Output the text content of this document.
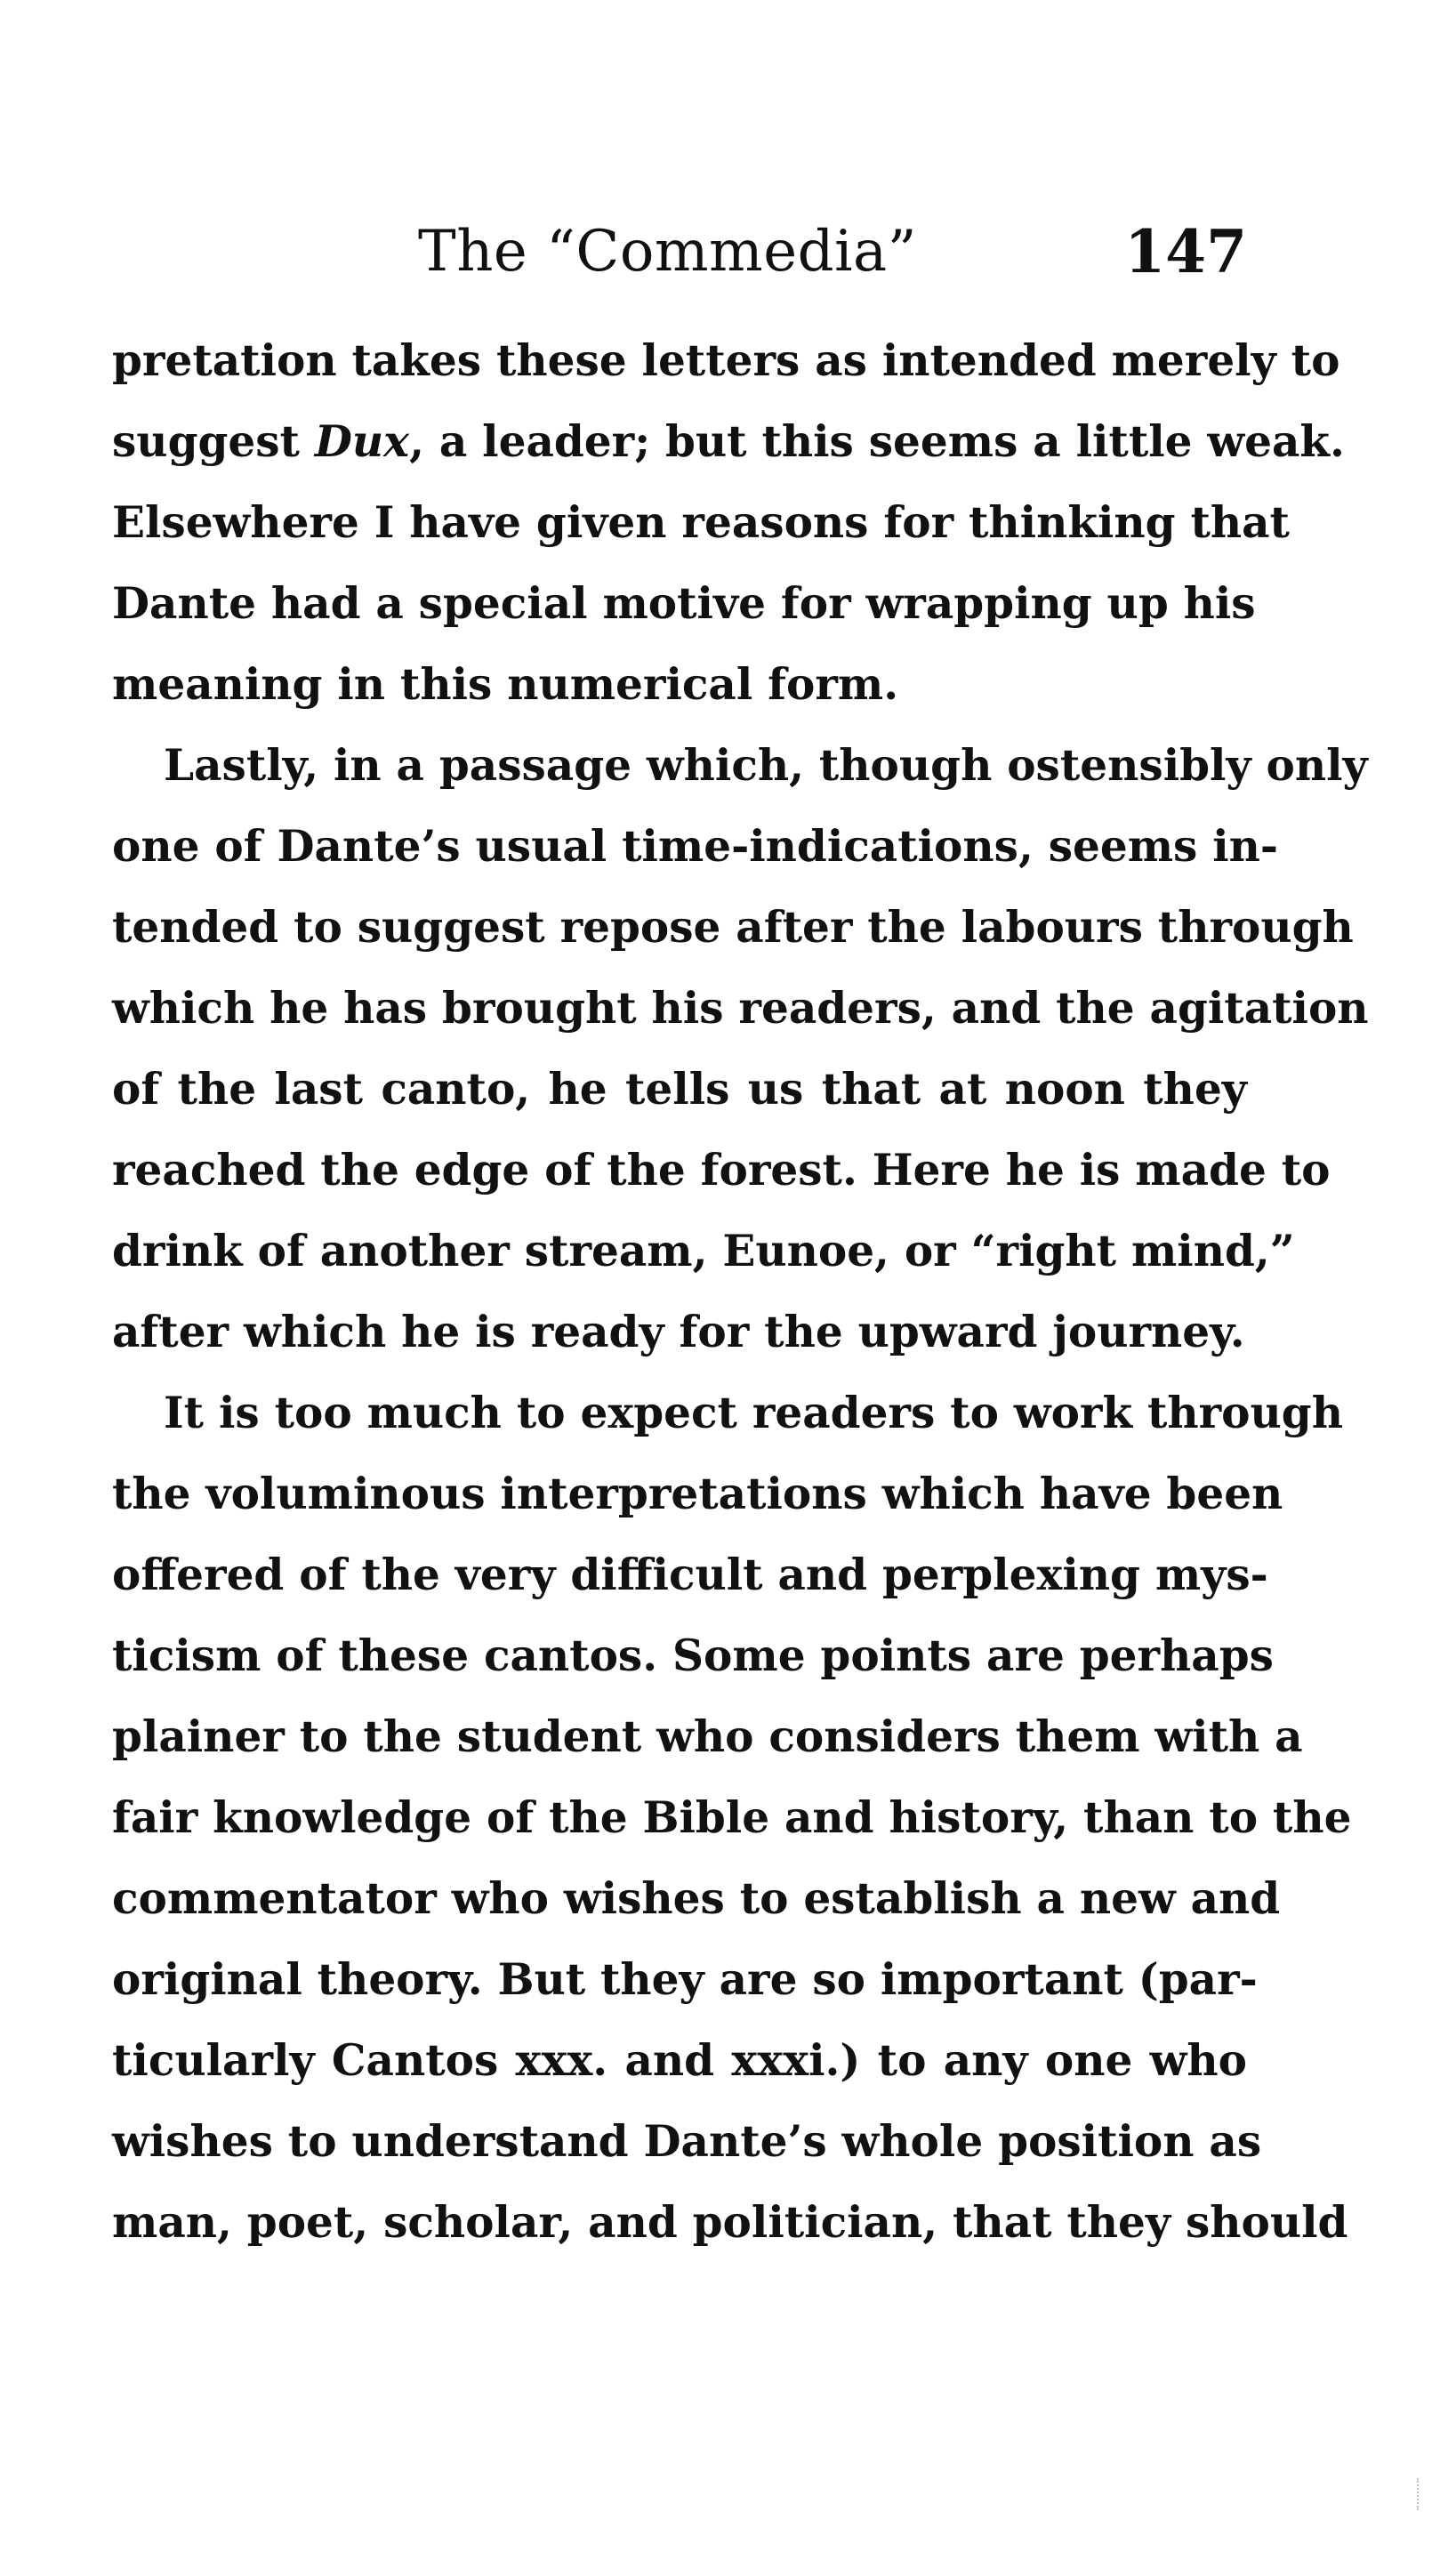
The “Commedia”	147
pretation takes these letters as intended merely to
suggest Dux, a leader; but this seems a little weak.
Elsewhere I have given reasons for thinking that
Dante had a special motive for wrapping up his
meaning in this numerical form.
Lastly, in a passage which, though ostensibly only
one of Dante’s usual time-indications, seems in-
tended to suggest repose after the labours through
which he has brought his readers, and the agitation
of the last canto, he tells us that at noon they
reached the edge of the forest. Here he is made to
drink of another stream, Eunoe, or “right mind,”
after which he is ready for the upward journey.
It is too much to expect readers to work through
the voluminous interpretations which have been
offered of the very difficult and perplexing mys-
ticism of these cantos. Some points are perhaps
plainer to the student who considers them with a
fair knowledge of the Bible and history, than to the
commentator who wishes to establish a new and
original theory. But they are so important (par-
ticularly Cantos xxx. and xxxi.) to any one who
wishes to understand Dante’s whole position as
man, poet, scholar, and politician, that they should
